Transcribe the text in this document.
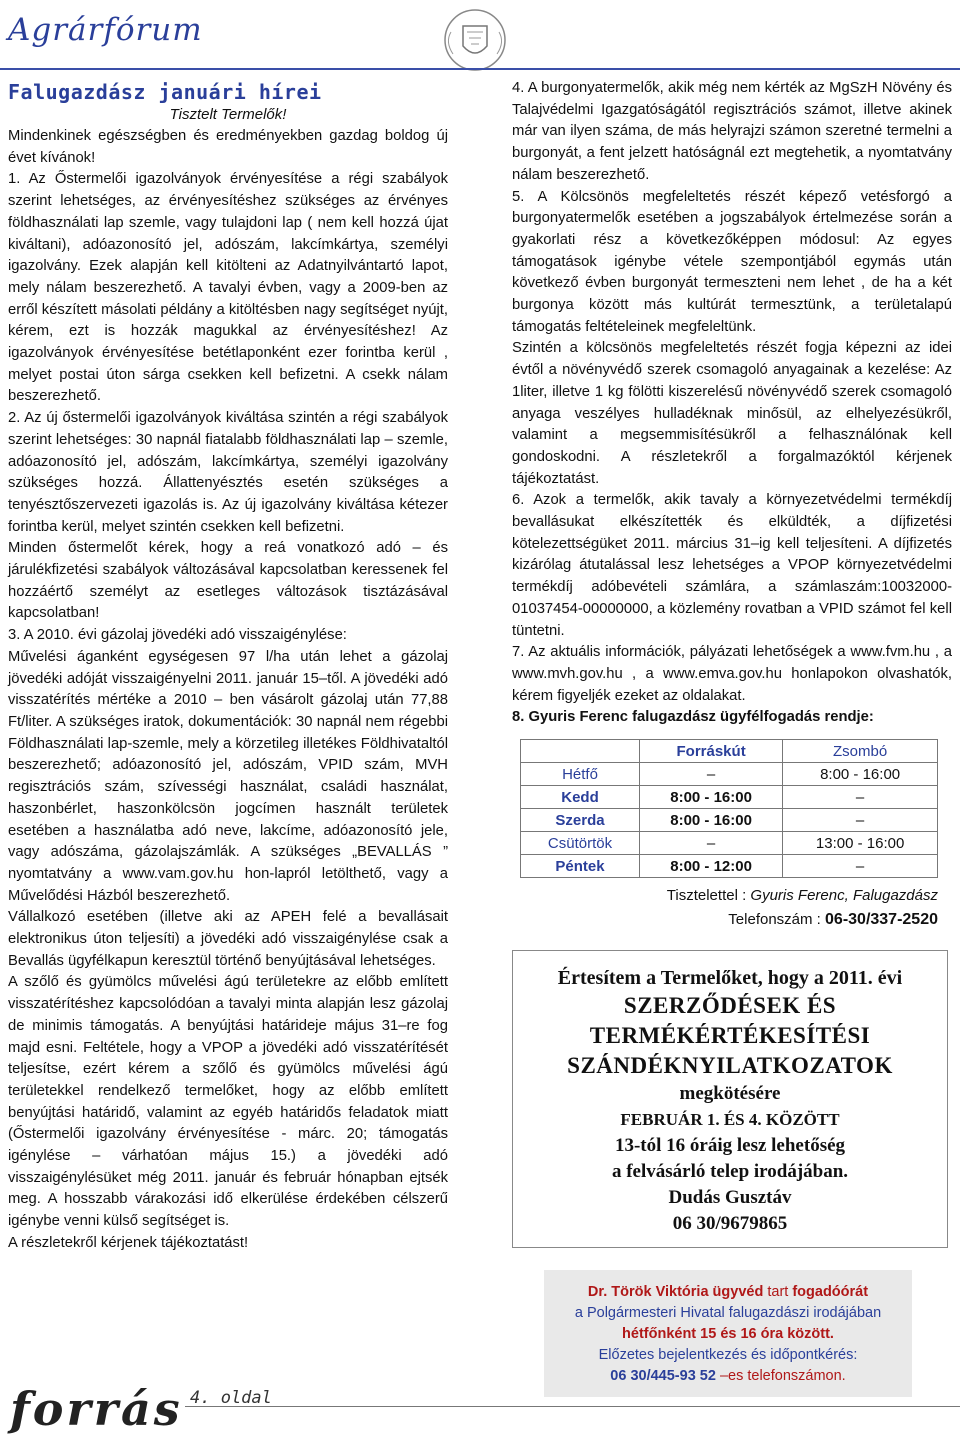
Agrárfórum
Falugazdász januári hírei

Tisztelt Termelők!

Mindenkinek egészségben és eredményekben gazdag boldog új évet kívánok!

1. Az Őstermelői igazolványok érvényesítése a régi szabályok szerint lehetséges, az érvényesítéshez szükséges az érvényes földhasználati lap szemle, vagy tulajdoni lap ( nem kell hozzá újat kiváltani), adóazonosító jel, adószám, lakcímkártya, személyi igazolvány. Ezek alapján kell kitölteni az Adatnyilvántartó lapot, mely nálam beszerezhető. A tavalyi évben, vagy a 2009-ben az erről készített másolati példány a kitöltésben nagy segítséget nyújt, kérem, ezt is hozzák magukkal az érvényesítéshez! Az igazolványok érvényesítése betétlaponként ezer forintba kerül , melyet postai úton sárga csekken kell befizetni. A csekk nálam beszerezhető.

2. Az új őstermelői igazolványok kiváltása szintén a régi szabályok szerint lehetséges: 30 napnál fiatalabb földhasználati lap – szemle, adóazonosító jel, adószám, lakcímkártya, személyi igazolvány szükséges hozzá. Állattenyésztés esetén szükséges a tenyésztőszervezeti igazolás is. Az új igazolvány kiváltása kétezer forintba kerül, melyet szintén csekken kell befizetni.

Minden őstermelőt kérek, hogy a reá vonatkozó adó – és járulékfizetési szabályok változásával kapcsolatban keressenek fel hozzáértő személyt az esetleges változások tisztázásával kapcsolatban!

3. A 2010. évi gázolaj jövedéki adó visszaigénylése:

Művelési áganként egységesen 97 l/ha után lehet a gázolaj jövedéki adóját visszaigényelni 2011. január 15–től. A jövedéki adó visszatérítés mértéke a 2010 – ben vásárolt gázolaj után 77,88 Ft/liter. A szükséges iratok, dokumentációk: 30 napnál nem régebbi Földhasználati lap-szemle, mely a körzetileg illetékes Földhivataltól beszerezhető; adóazonosító jel, adószám, VPID szám, MVH regisztrációs szám, szívességi használat, családi használat, haszonbérlet, haszonkölcsön jogcímen használt területek esetében a használatba adó neve, lakcíme, adóazonosító jele, vagy adószáma, gázolajszámlák. A szükséges „BEVALLÁS ” nyomtatvány a www.vam.gov.hu hon-lapról letölthető, vagy a Művelődési Házból beszerezhető.

Vállalkozó esetében (illetve aki az APEH felé a bevallásait elektronikus úton teljesíti) a jövedéki adó visszaigénylése csak a Bevallás ügyfélkapun keresztül történő benyújtásával lehetséges.

A szőlő és gyümölcs művelési ágú területekre az előbb említett visszatérítéshez kapcsolódóan a tavalyi minta alapján lesz gázolaj de minimis támogatás. A benyújtási határideje május 31–re fog majd esni. Feltétele, hogy a VPOP a jövedéki adó visszatérítését teljesítse, ezért kérem a szőlő és gyümölcs művelési ágú területekkel rendelkező termelőket, hogy az előbb említett benyújtási határidő, valamint az egyéb határidős feladatok miatt (Őstermelői igazolvány érvényesítése - márc. 20; támogatás igénylése – várhatóan május 15.) a jövedéki adó visszaigénylésüket még 2011. január és február hónapban ejtsék meg. A hosszabb várakozási idő elkerülése érdekében célszerű igénybe venni külső segítséget is.

A részletekről kérjenek tájékoztatást!

4. A burgonyatermelők, akik még nem kérték az MgSzH Növény és Talajvédelmi Igazgatóságától regisztrációs számot, illetve akinek már van ilyen száma, de más helyrajzi számon szeretné termelni a burgonyát, a fent jelzett hatóságnál ezt megtehetik, a nyomtatvány nálam beszerezhető.

5. A Kölcsönös megfeleltetés részét képező vetésforgó a burgonyatermelők esetében a jogszabályok értelmezése során a gyakorlati rész a következőképpen módosul: Az egyes támogatások igénybe vétele szempontjából egymás után következő évben burgonyát termeszteni nem lehet , de ha a két burgonya között más kultúrát termesztünk, a területalapú támogatás feltételeinek megfeleltünk.

Szintén a kölcsönös megfeleltetés részét fogja képezni az idei évtől a növényvédő szerek csomagoló anyagainak a kezelése: Az 1liter, illetve 1 kg fölötti kiszerelésű növényvédő szerek csomagoló anyaga veszélyes hulladéknak minősül, az elhelyezésükről, valamint a megsemmisítésükről a felhasználónak kell gondoskodni. A részletekről a forgalmazóktól kérjenek tájékoztatást.

6. Azok a termelők, akik tavaly a környezetvédelmi termékdíj bevallásukat elkészítették és elküldték, a díjfizetési kötelezettségüket 2011. március 31–ig kell teljesíteni. A díjfizetés kizárólag átutalással lesz lehetséges a VPOP környezetvédelmi termékdíj adóbevételi számlára, a számlaszám:10032000-01037454-00000000, a közlemény rovatban a VPID számot fel kell tüntetni.

7. Az aktuális információk, pályázati lehetőségek a www.fvm.hu , a www.mvh.gov.hu , a www.emva.gov.hu honlapokon olvashatók, kérem figyeljék ezeket az oldalakat.

8. Gyuris Ferenc falugazdász ügyfélfogadás rendje:

	Forráskút	Zsombó
Hétfő	–	8:00 - 16:00
Kedd	8:00 - 16:00	–
Szerda	8:00 - 16:00	–
Csütörtök	–	13:00 - 16:00
Péntek	8:00 - 12:00	–
Tisztelettel : Gyuris Ferenc, Falugazdász
Telefonszám : 06-30/337-2520
Értesítem a Termelőket, hogy a 2011. évi
SZERZŐDÉSEK ÉS
TERMÉKÉRTÉKESÍTÉSI
SZÁNDÉKNYILATKOZATOK
megkötésére
FEBRUÁR 1. ÉS 4. KÖZÖTT
13-tól 16 óráig lesz lehetőség
a felvásárló telep irodájában.
Dudás Gusztáv
06 30/9679865
Dr. Török Viktória ügyvéd tart fogadóórát
a Polgármesteri Hivatal falugazdászi irodájában
hétfőnként 15 és 16 óra között.
Előzetes bejelentkezés és időpontkérés:
06 30/445-93 52 –es telefonszámon.
forrás 4. oldal
